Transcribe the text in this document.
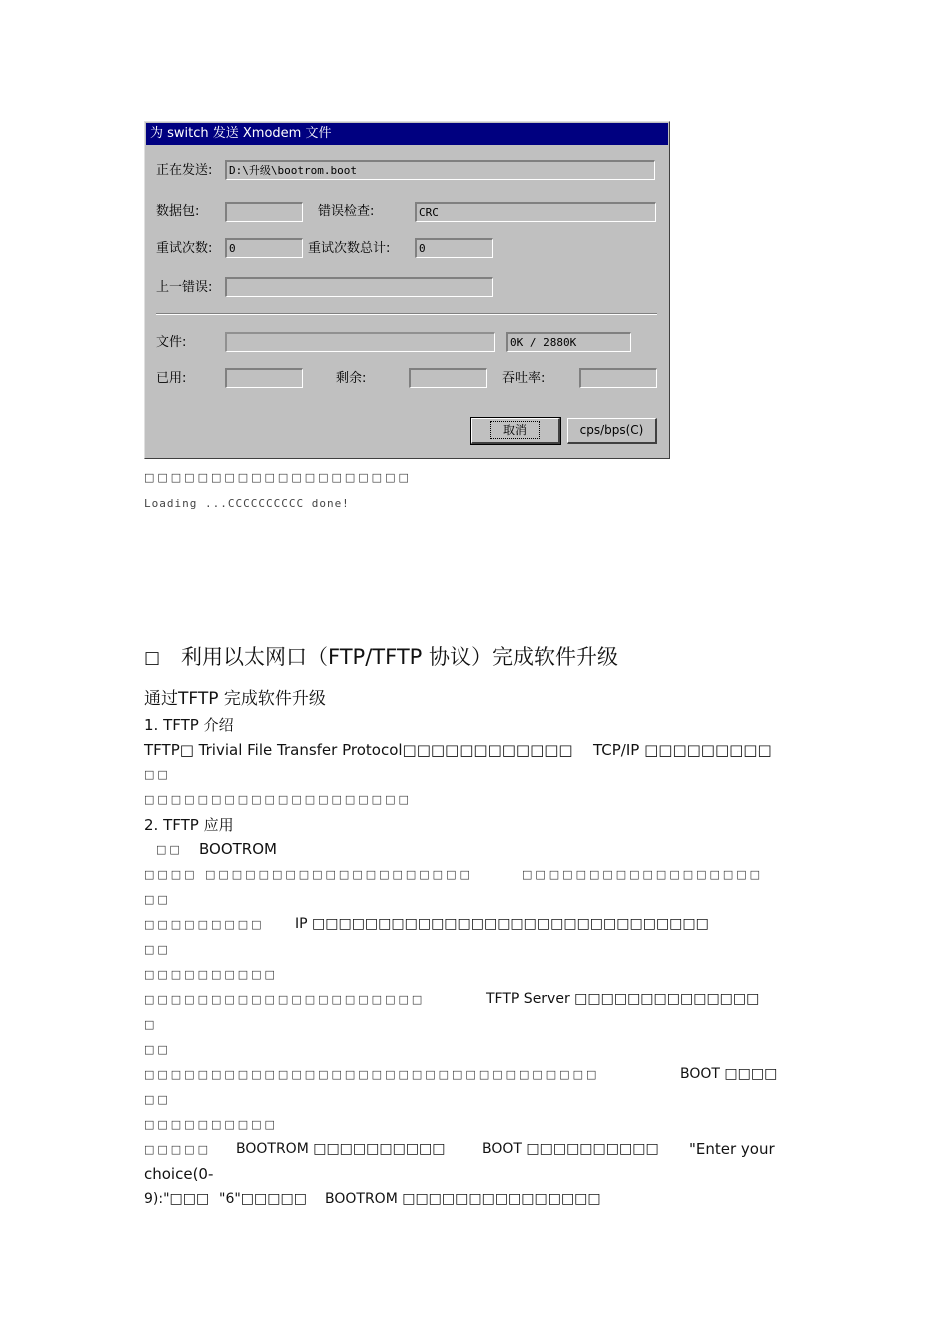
为 switch 发送 Xmodem 文件
正在发送:	D:\升级\bootrom.boot
数据包:	错误检查:	CRC
重试次数:	0	重试次数总计:	0
上一错误:
文件:	0K / 2880K
已用:	剩余:	吞吐率:
取消	cps/bps(C)
□□□□□□□□□□□□□□□□□□□□
Loading ...CCCCCCCCCC done!
□ 利用以太网口（FTP/TFTP 协议）完成软件升级
通过TFTP 完成软件升级
1. TFTP 介绍
TFTP□ Trivial File Transfer Protocol□□□□□□□□□□□□ TCP/IP □□□□□□□□□
□□
□□□□□□□□□□□□□□□□□□□□
2. TFTP 应用
□□ BOOTROM
□□□□ □□□□□□□□□□□□□□□□□□□□	□□□□□□□□□□□□□□□□□□
□□
□□□□□□□□□ IP □□□□□□□□□□□□□□□□□□□□□□□□□□□□□□
□□
□□□□□□□□□□
□□□□□□□□□□□□□□□□□□□□□	TFTP Server □□□□□□□□□□□□□□
□
□□
□□□□□□□□□□□□□□□□□□□□□□□□□□□□□□□□□□	BOOT □□□□
□□
□□□□□□□□□□
□□□□□ BOOTROM □□□□□□□□□□	BOOT □□□□□□□□□□ "Enter your
choice(0-
9):"□□□ "6"□□□□□ BOOTROM □□□□□□□□□□□□□□□
